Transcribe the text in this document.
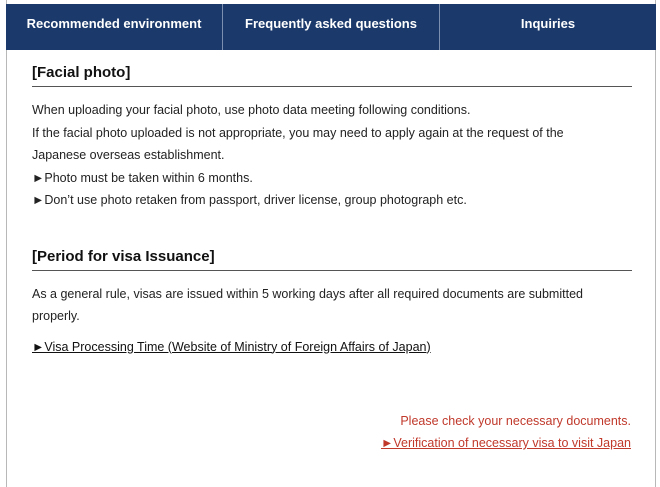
Recommended environment	Frequently asked questions	Inquiries
[Facial photo]
When uploading your facial photo, use photo data meeting following conditions.
If the facial photo uploaded is not appropriate, you may need to apply again at the request of the
Japanese overseas establishment.
►Photo must be taken within 6 months.
►Don’t use photo retaken from passport, driver license, group photograph etc.
[Period for visa Issuance]
As a general rule, visas are issued within 5 working days after all required documents are submitted
properly.
►Visa Processing Time (Website of Ministry of Foreign Affairs of Japan)
Please check your necessary documents.
►Verification of necessary visa to visit Japan
